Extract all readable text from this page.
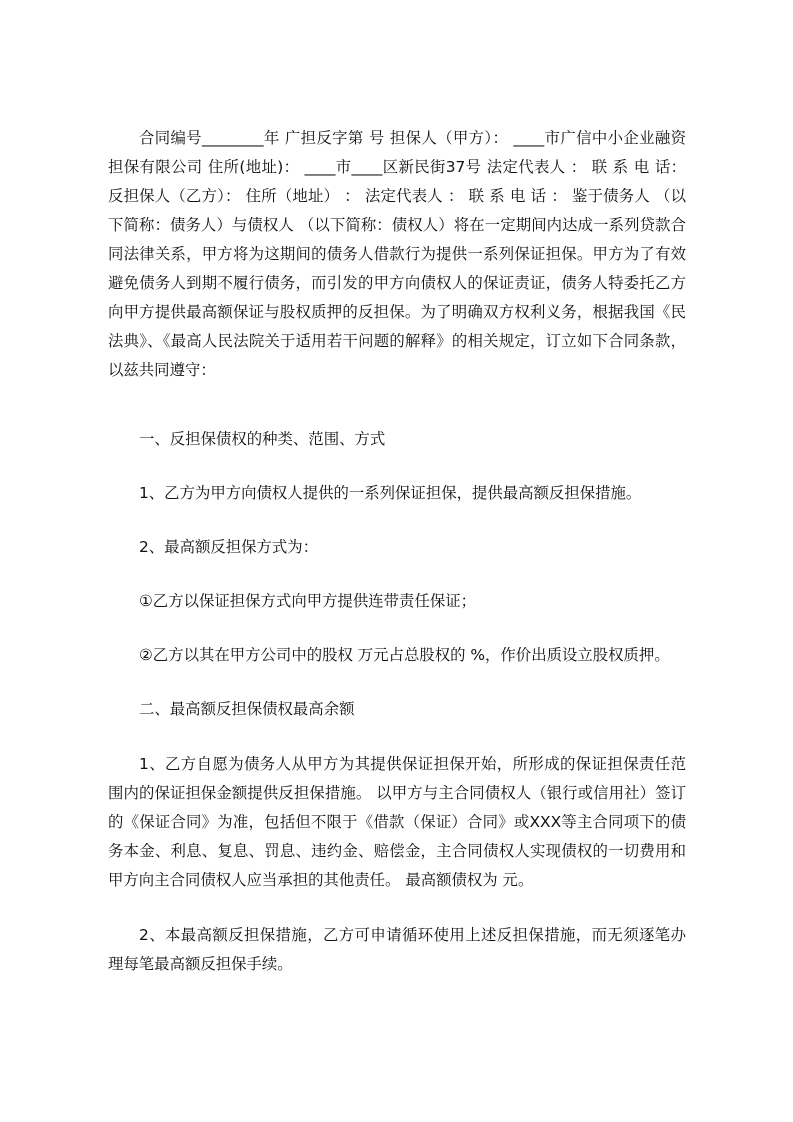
合同编号________年 广担反字第 号 担保人（甲方）： ____市广信中小企业融资担保有限公司 住所(地址)： ____市____区新民街37号 法定代表人 ： 联 系 电 话： 反担保人（乙方）： 住所（地址） ： 法定代表人 ： 联 系 电 话 ： 鉴于债务人 （以下简称：债务人）与债权人 （以下简称：债权人）将在一定期间内达成一系列贷款合同法律关系，甲方将为这期间的债务人借款行为提供一系列保证担保。甲方为了有效避免债务人到期不履行债务，而引发的甲方向债权人的保证责证，债务人特委托乙方向甲方提供最高额保证与股权质押的反担保。为了明确双方权利义务，根据我国《民法典》、《最高人民法院关于适用若干问题的解释》的相关规定，订立如下合同条款，以兹共同遵守：

一、反担保债权的种类、范围、方式

1、乙方为甲方向债权人提供的一系列保证担保，提供最高额反担保措施。

2、最高额反担保方式为：

①乙方以保证担保方式向甲方提供连带责任保证；

②乙方以其在甲方公司中的股权 万元占总股权的 %，作价出质设立股权质押。

二、最高额反担保债权最高余额

1、乙方自愿为债务人从甲方为其提供保证担保开始，所形成的保证担保责任范围内的保证担保金额提供反担保措施。 以甲方与主合同债权人（银行或信用社）签订的《保证合同》为准，包括但不限于《借款（保证）合同》或XXX等主合同项下的债务本金、利息、复息、罚息、违约金、赔偿金，主合同债权人实现债权的一切费用和甲方向主合同债权人应当承担的其他责任。 最高额债权为 元。

2、本最高额反担保措施，乙方可申请循环使用上述反担保措施，而无须逐笔办理每笔最高额反担保手续。
